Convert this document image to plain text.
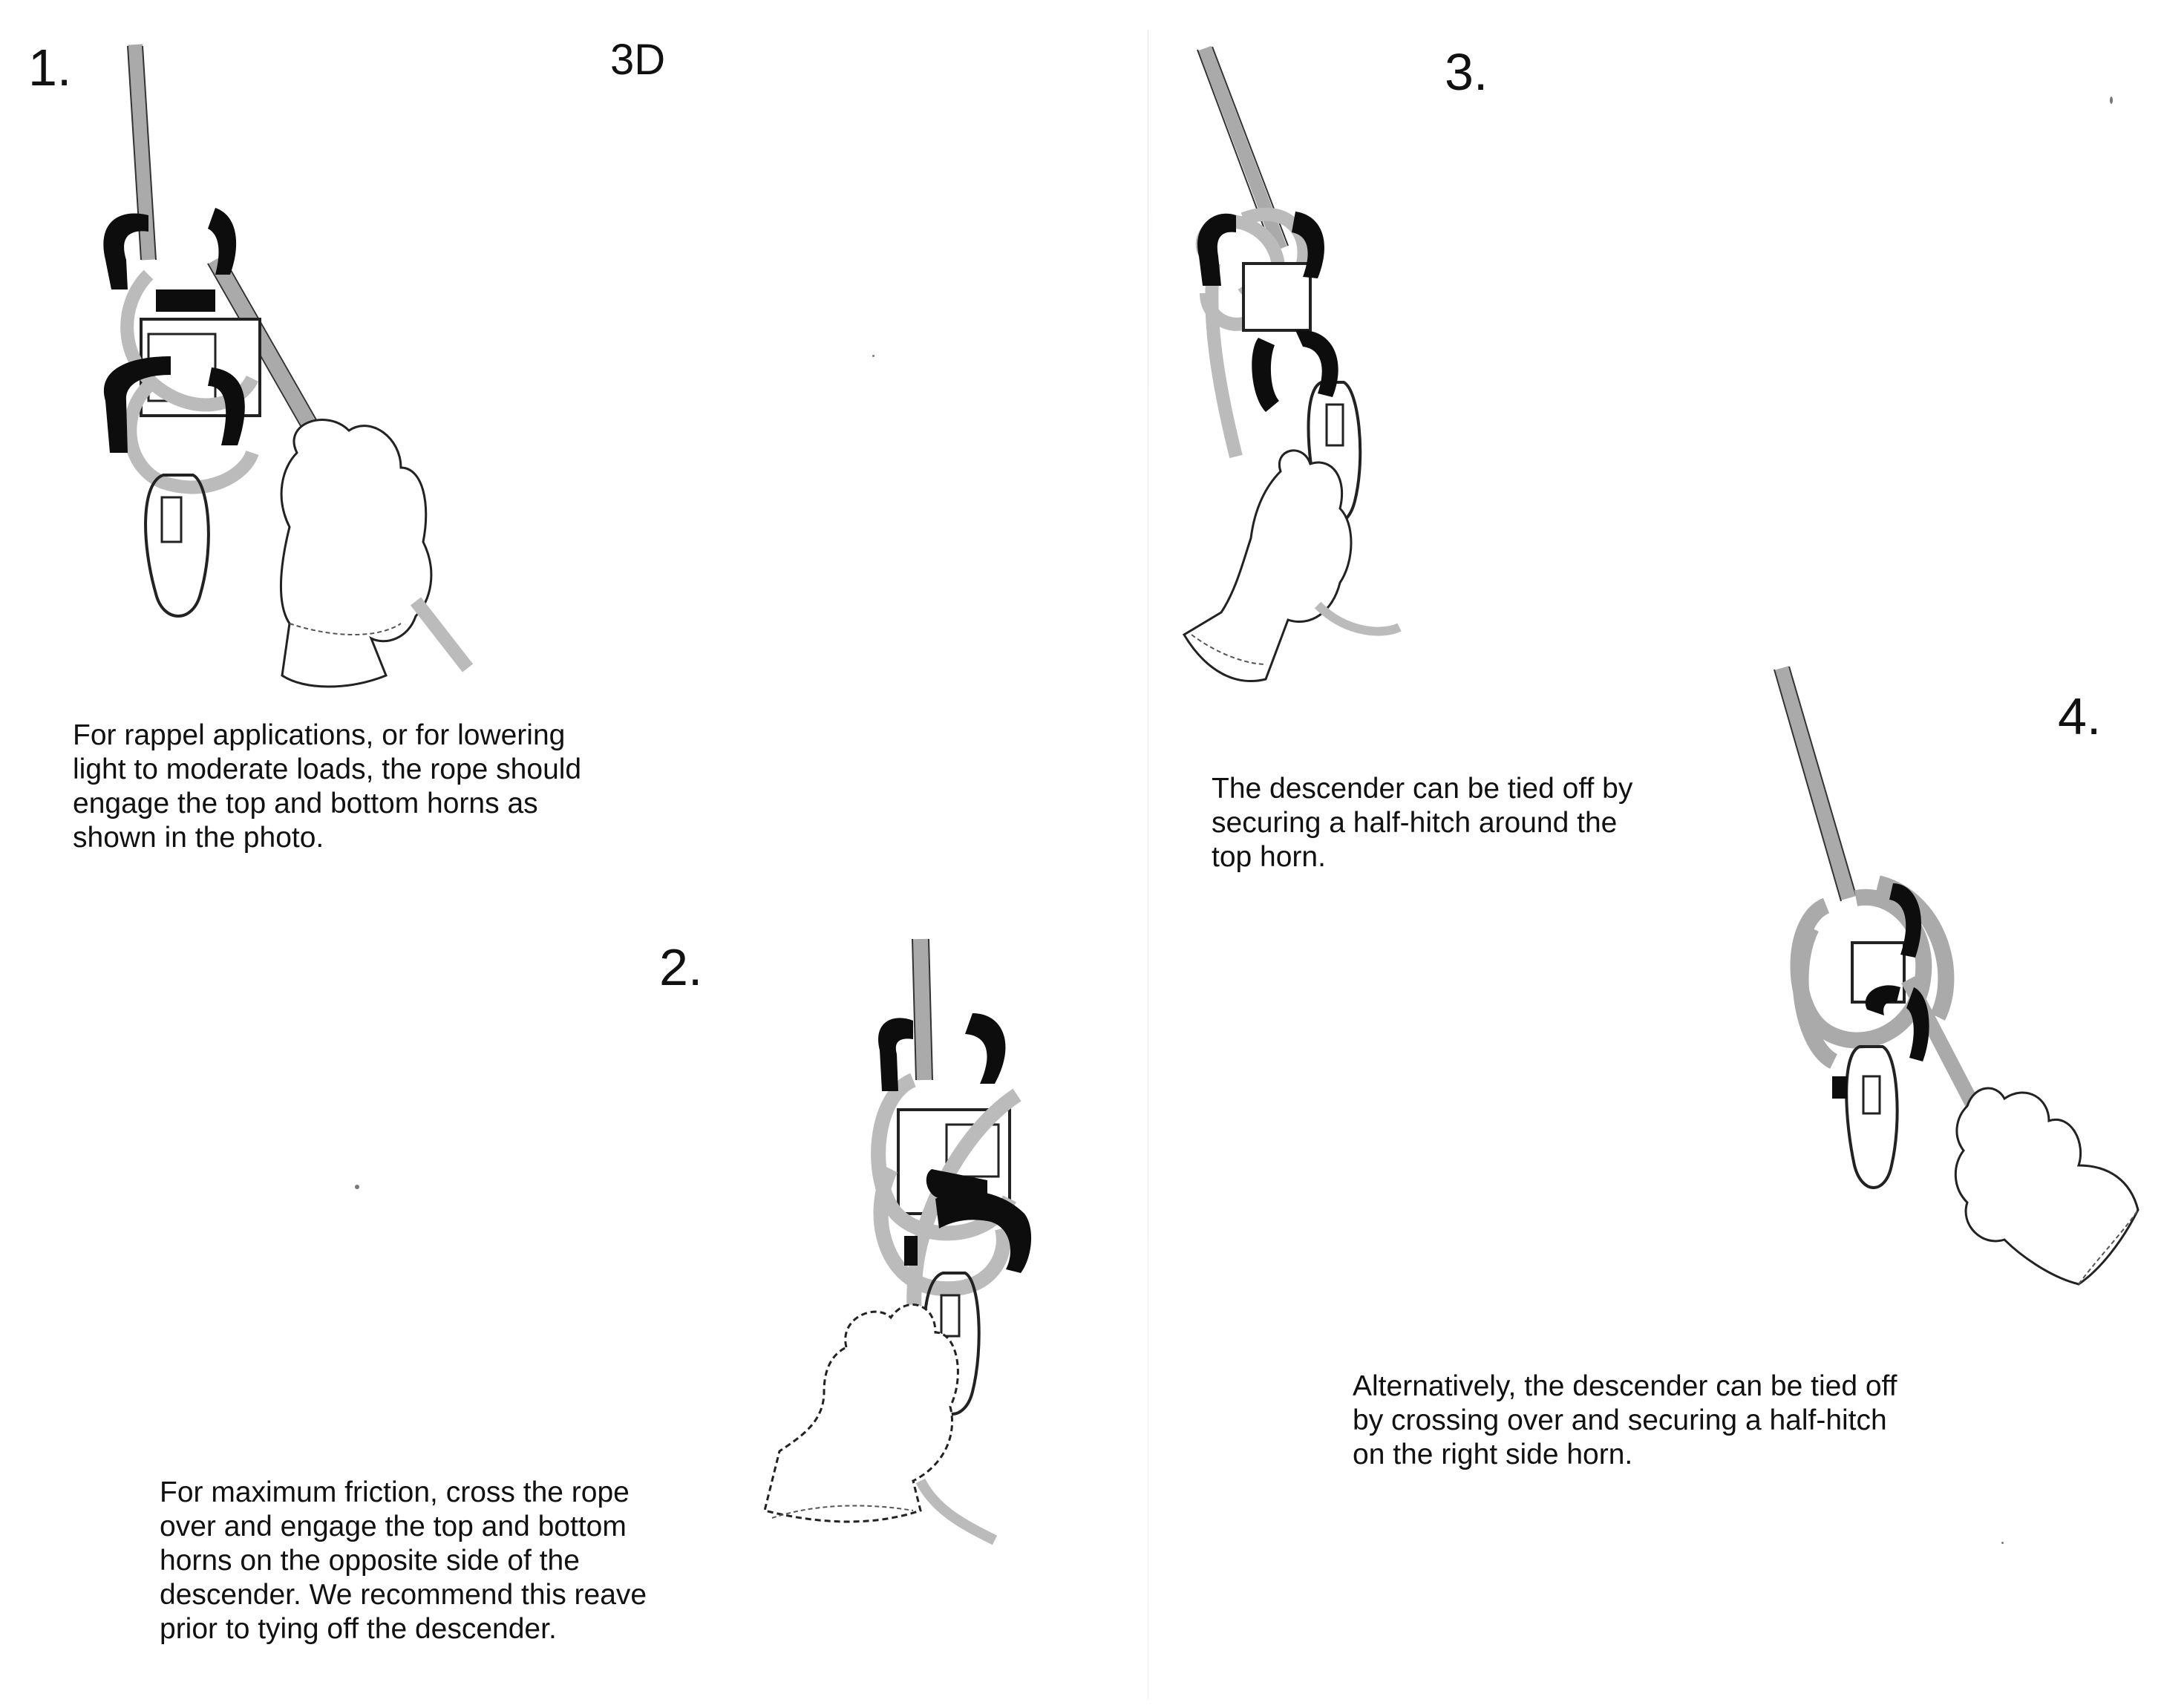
3D
1.
2.
3.
4.
For rappel applications, or for lowering
light to moderate loads, the rope should
engage the top and bottom horns as
shown in the photo.
For maximum friction, cross the rope
over and engage the top and bottom
horns on the opposite side of the
descender. We recommend this reave
prior to tying off the descender.
The descender can be tied off by
securing a half-hitch around the
top horn.
Alternatively, the descender can be tied off
by crossing over and securing a half-hitch
on the right side horn.
